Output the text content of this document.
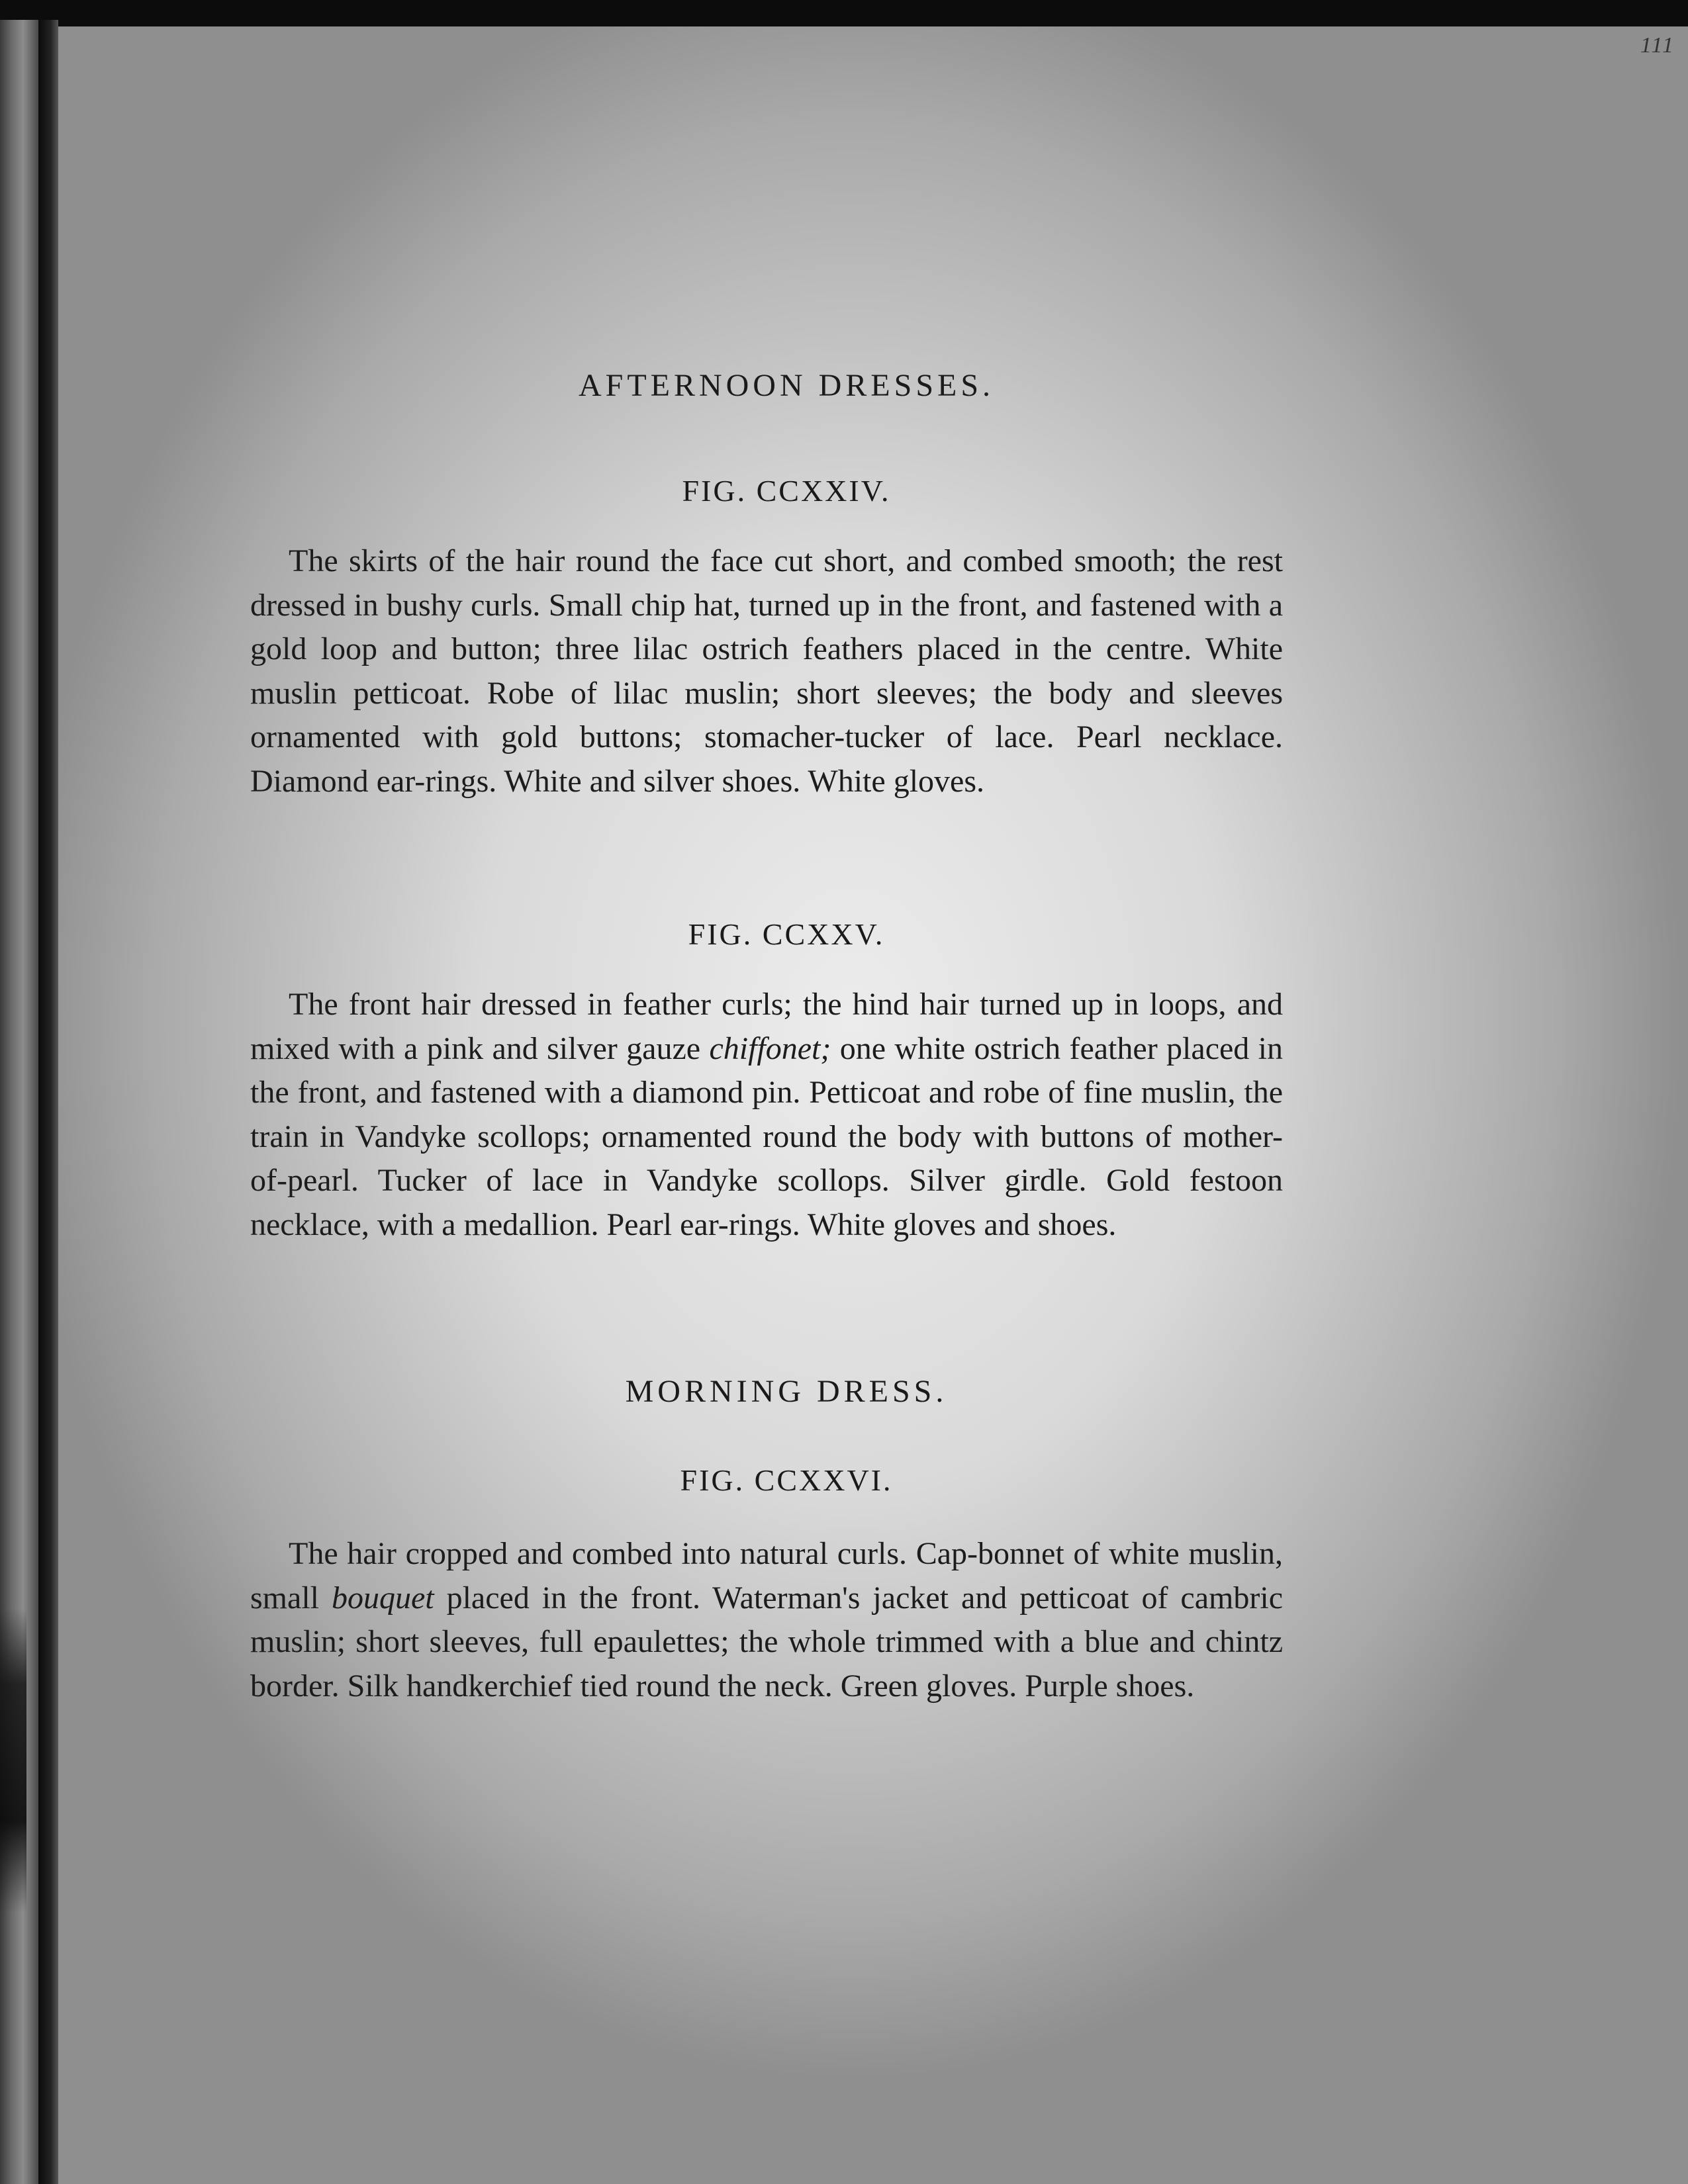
111
AFTERNOON DRESSES.
FIG. CCXXIV.

The skirts of the hair round the face cut short, and combed smooth; the rest dressed in bushy curls. Small chip hat, turned up in the front, and fastened with a gold loop and button; three lilac ostrich feathers placed in the centre. White muslin petticoat. Robe of lilac muslin; short sleeves; the body and sleeves ornamented with gold buttons; stomacher-tucker of lace. Pearl necklace. Diamond ear-rings. White and silver shoes. White gloves.

FIG. CCXXV.

The front hair dressed in feather curls; the hind hair turned up in loops, and mixed with a pink and silver gauze chiffonet; one white ostrich feather placed in the front, and fastened with a diamond pin. Petticoat and robe of fine muslin, the train in Vandyke scollops; ornamented round the body with buttons of mother-of-pearl. Tucker of lace in Vandyke scollops. Silver girdle. Gold festoon necklace, with a medallion. Pearl ear-rings. White gloves and shoes.

MORNING DRESS.
FIG. CCXXVI.

The hair cropped and combed into natural curls. Cap-bonnet of white muslin, small bouquet placed in the front. Waterman's jacket and petticoat of cambric muslin; short sleeves, full epaulettes; the whole trimmed with a blue and chintz border. Silk handkerchief tied round the neck. Green gloves. Purple shoes.
